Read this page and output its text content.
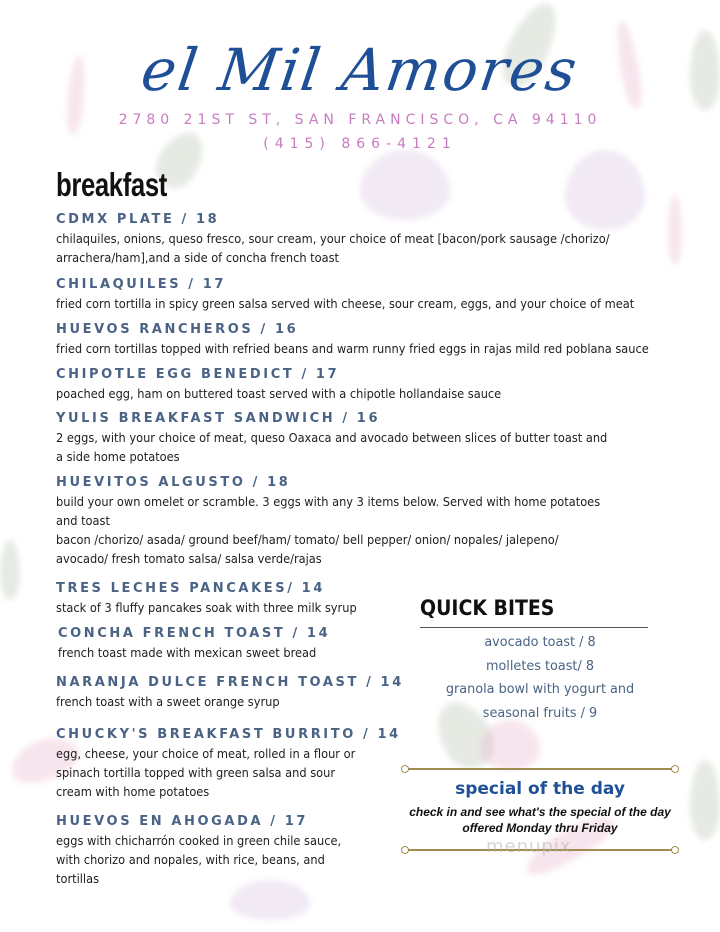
el Mil Amores
2780 21ST ST, SAN FRANCISCO, CA 94110
(415) 866-4121
breakfast
CDMX PLATE / 18
chilaquiles, onions, queso fresco, sour cream, your choice of meat [bacon/pork sausage /chorizo/
arrachera/ham],and a side of concha french toast
CHILAQUILES / 17
fried corn tortilla in spicy green salsa served with cheese, sour cream, eggs, and your choice of meat
HUEVOS RANCHEROS / 16
fried corn tortillas topped with refried beans and warm runny fried eggs in rajas mild red poblana sauce
CHIPOTLE EGG BENEDICT / 17
poached egg, ham on buttered toast served with a chipotle hollandaise sauce
YULIS BREAKFAST SANDWICH / 16
2 eggs, with your choice of meat, queso Oaxaca and avocado between slices of butter toast and
a side home potatoes
HUEVITOS ALGUSTO / 18
build your own omelet or scramble. 3 eggs with any 3 items below. Served with home potatoes
and toast
bacon /chorizo/ asada/ ground beef/ham/ tomato/ bell pepper/ onion/ nopales/ jalepeno/
avocado/ fresh tomato salsa/ salsa verde/rajas
TRES LECHES PANCAKES/ 14
stack of 3 fluffy pancakes soak with three milk syrup
CONCHA FRENCH TOAST / 14
french toast made with mexican sweet bread
NARANJA DULCE FRENCH TOAST / 14
french toast with a sweet orange syrup
CHUCKY'S BREAKFAST BURRITO / 14
egg, cheese, your choice of meat, rolled in a flour or
spinach tortilla topped with green salsa and sour
cream with home potatoes
HUEVOS EN AHOGADA / 17
eggs with chicharrón cooked in green chile sauce,
with chorizo and nopales, with rice, beans, and
tortillas
QUICK BITES
avocado toast / 8
molletes toast/ 8
granola bowl with yogurt and
seasonal fruits / 9
special of the day
check in and see what's the special of the day
offered Monday thru Friday
menupix
